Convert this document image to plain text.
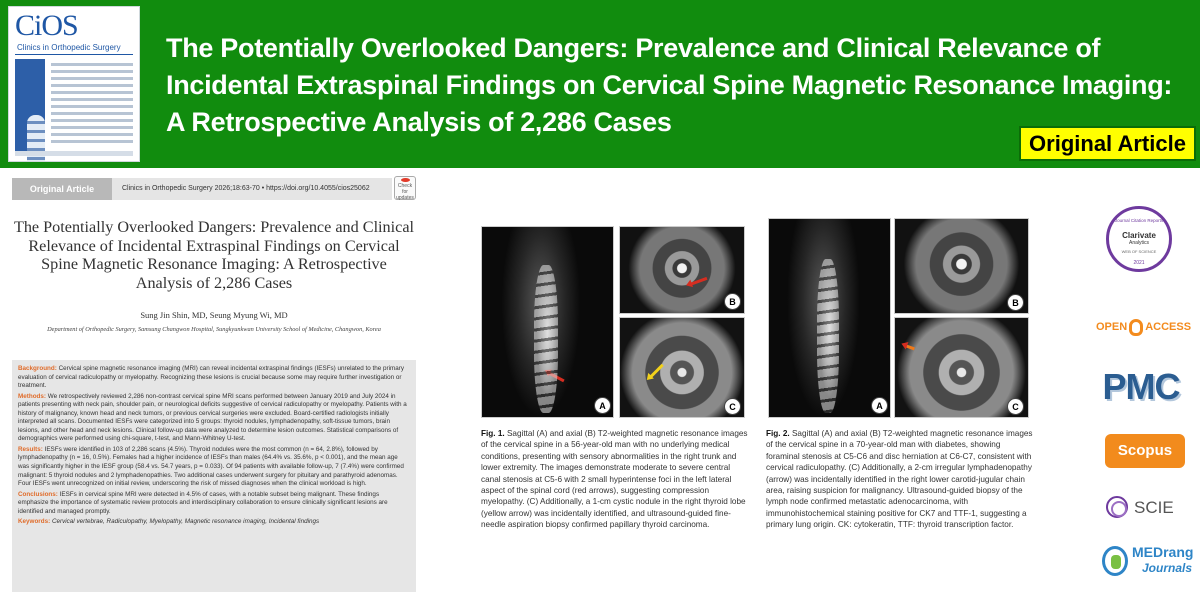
CiOS
Clinics in Orthopedic Surgery The Potentially Overlooked Dangers: Prevalence and Clinical Relevance of Incidental Extraspinal Findings on Cervical Spine Magnetic Resonance Imaging: A Retrospective Analysis of 2,286 Cases
Original Article
Original Article	Clinics in Orthopedic Surgery 2026;18:63-70 • https://doi.org/10.4055/cios25062	Check for updates
The Potentially Overlooked Dangers: Prevalence and Clinical Relevance of Incidental Extraspinal Findings on Cervical Spine Magnetic Resonance Imaging: A Retrospective Analysis of 2,286 Cases
Sung Jin Shin, MD, Seung Myung Wi, MD
Department of Orthopedic Surgery, Samsung Changwon Hospital, Sungkyunkwan University School of Medicine, Changwon, Korea

Background: Cervical spine magnetic resonance imaging (MRI) can reveal incidental extraspinal findings (IESFs) unrelated to the primary evaluation of cervical radiculopathy or myelopathy. Recognizing these lesions is crucial because some may require further investigation or treatment.

Methods: We retrospectively reviewed 2,286 non-contrast cervical spine MRI scans performed between January 2019 and July 2024 in patients presenting with neck pain, shoulder pain, or neurological deficits suggestive of cervical radiculopathy or myelopathy. Patients with a history of malignancy, known head and neck tumors, or previous cervical surgeries were excluded. Board-certified radiologists initially interpreted all scans. Documented IESFs were categorized into 5 groups: thyroid nodules, lymphadenopathy, soft-tissue tumors, brain lesions, and other head and neck lesions. Clinical follow-up data were analyzed to determine lesion outcomes. Statistical comparisons of demographics were performed using chi-square, t-test, and Mann-Whitney U-test.

Results: IESFs were identified in 103 of 2,286 scans (4.5%). Thyroid nodules were the most common (n = 64, 2.8%), followed by lymphadenopathy (n = 16, 0.5%). Females had a higher incidence of IESFs than males (64.4% vs. 35.6%, p < 0.001), and the mean age was significantly higher in the IESF group (58.4 vs. 54.7 years, p = 0.033). Of 94 patients with available follow-up, 7 (7.4%) were confirmed malignant: 5 thyroid nodules and 2 lymphadenopathies. Two additional cases underwent surgery for pituitary and parathyroid adenomas. Four IESFs went unrecognized on initial review, underscoring the risk of missed diagnoses when the clinical workload is high.

Conclusions: IESFs in cervical spine MRI were detected in 4.5% of cases, with a notable subset being malignant. These findings emphasize the importance of systematic review protocols and interdisciplinary collaboration to ensure clinically significant lesions are identified and managed promptly.

Keywords: Cervical vertebrae, Radiculopathy, Myelopathy, Magnetic resonance imaging, Incidental findings

A
B
C
Fig. 1. Sagittal (A) and axial (B) T2-weighted magnetic resonance images of the cervical spine in a 56-year-old man with no underlying medical conditions, presenting with sensory abnormalities in the right trunk and lower extremity. The images demonstrate moderate to severe central canal stenosis at C5-6 with 2 small hyperintense foci in the left lateral aspect of the spinal cord (red arrows), suggesting compression myelopathy. (C) Additionally, a 1-cm cystic nodule in the right thyroid lobe (yellow arrow) was incidentally identified, and ultrasound-guided fine-needle aspiration biopsy confirmed papillary thyroid carcinoma.
A
B
C
Fig. 2. Sagittal (A) and axial (B) T2-weighted magnetic resonance images of the cervical spine in a 70-year-old man with diabetes, showing foraminal stenosis at C5-C6 and disc herniation at C6-C7, consistent with cervical radiculopathy. (C) Additionally, a 2-cm irregular lymphadenopathy (arrow) was incidentally identified in the right lower carotid-jugular chain area, raising suspicion for malignancy. Ultrasound-guided biopsy of the lymph node confirmed metastatic adenocarcinoma, with immunohistochemical staining positive for CK7 and TTF-1, suggesting a primary lung origin. CK: cytokeratin, TTF: thyroid transcription factor.
Journal Citation Reports
Clarivate
Analytics
WEB OF SCIENCE
2021
OPEN ACCESS
PMC
Scopus
SCIE
MEDrang
Journals
